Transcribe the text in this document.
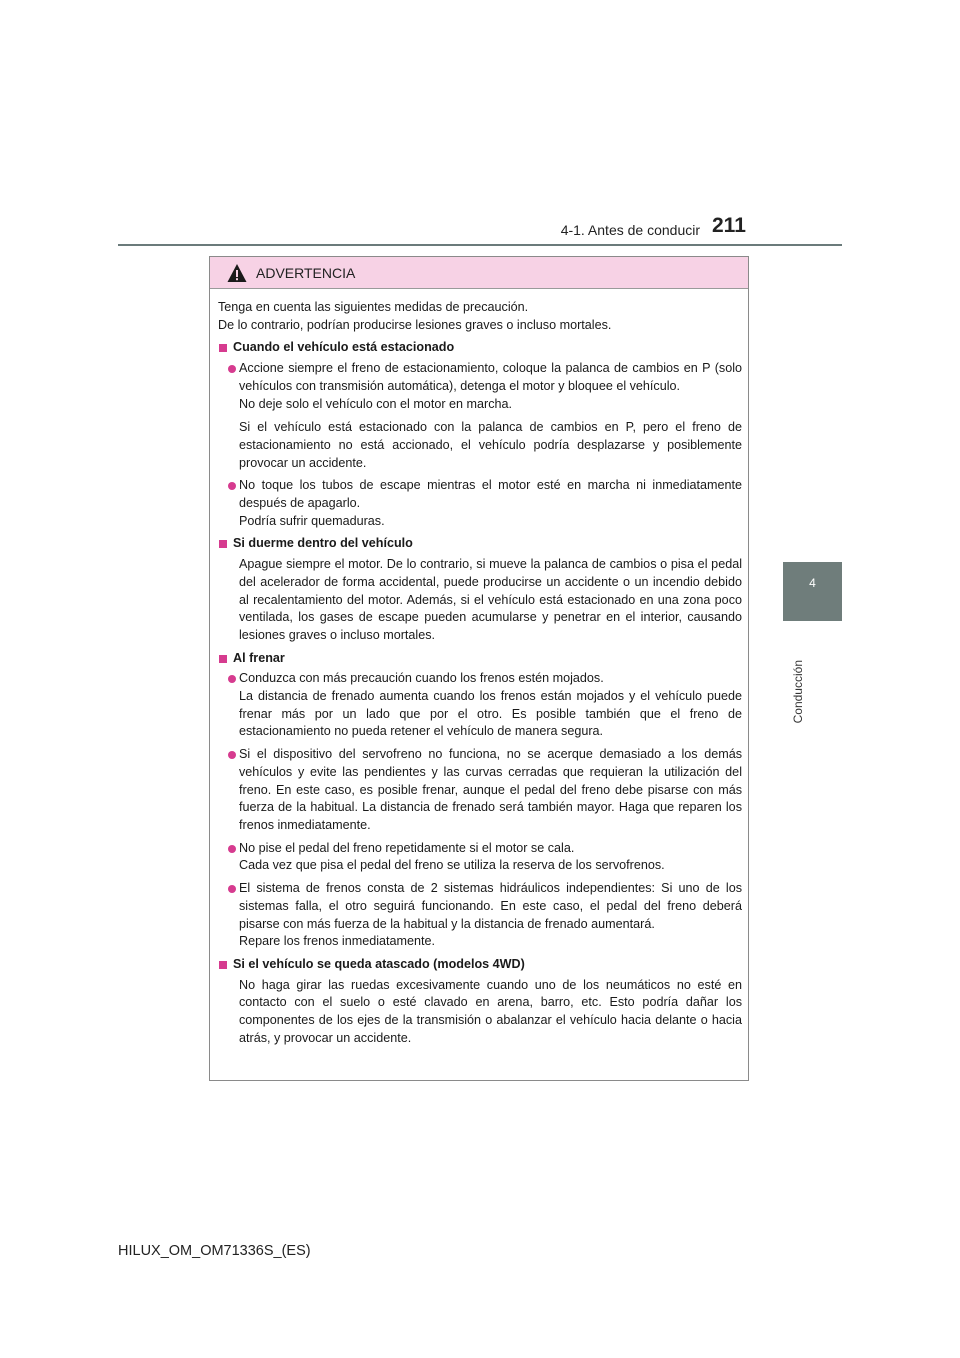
4-1. Antes de conducir 211
4
Conducción
ADVERTENCIA

Tenga en cuenta las siguientes medidas de precaución.

De lo contrario, podrían producirse lesiones graves o incluso mortales.

Cuando el vehículo está estacionado

Accione siempre el freno de estacionamiento, coloque la palanca de cambios en P (solo vehículos con transmisión automática), detenga el motor y bloquee el vehículo.

No deje solo el vehículo con el motor en marcha.

Si el vehículo está estacionado con la palanca de cambios en P, pero el freno de estacionamiento no está accionado, el vehículo podría desplazarse y posiblemente provocar un accidente.

No toque los tubos de escape mientras el motor esté en marcha ni inmediatamente después de apagarlo.

Podría sufrir quemaduras.

Si duerme dentro del vehículo
Apague siempre el motor. De lo contrario, si mueve la palanca de cambios o pisa el pedal del acelerador de forma accidental, puede producirse un accidente o un incendio debido al recalentamiento del motor. Además, si el vehículo está estacionado en una zona poco ventilada, los gases de escape pueden acumularse y penetrar en el interior, causando lesiones graves o incluso mortales.
Al frenar

Conduzca con más precaución cuando los frenos estén mojados.

La distancia de frenado aumenta cuando los frenos están mojados y el vehículo puede frenar más por un lado que por el otro. Es posible también que el freno de estacionamiento no pueda retener el vehículo de manera segura.

Si el dispositivo del servofreno no funciona, no se acerque demasiado a los demás vehículos y evite las pendientes y las curvas cerradas que requieran la utilización del freno. En este caso, es posible frenar, aunque el pedal del freno debe pisarse con más fuerza de la habitual. La distancia de frenado será también mayor. Haga que reparen los frenos inmediatamente.

No pise el pedal del freno repetidamente si el motor se cala.

Cada vez que pisa el pedal del freno se utiliza la reserva de los servofrenos.

El sistema de frenos consta de 2 sistemas hidráulicos independientes: Si uno de los sistemas falla, el otro seguirá funcionando. En este caso, el pedal del freno deberá pisarse con más fuerza de la habitual y la distancia de frenado aumentará.

Repare los frenos inmediatamente.

Si el vehículo se queda atascado (modelos 4WD)
No haga girar las ruedas excesivamente cuando uno de los neumáticos no esté en contacto con el suelo o esté clavado en arena, barro, etc. Esto podría dañar los componentes de los ejes de la transmisión o abalanzar el vehículo hacia delante o hacia atrás, y provocar un accidente.
HILUX_OM_OM71336S_(ES)
